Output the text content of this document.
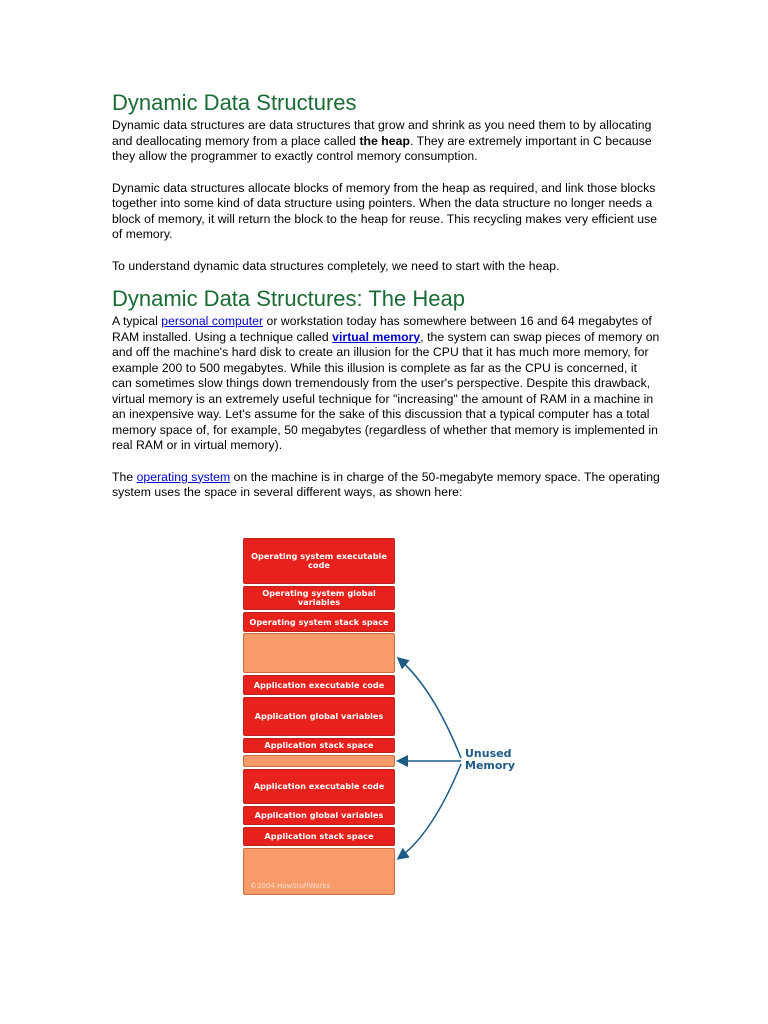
Dynamic Data Structures

Dynamic data structures are data structures that grow and shrink as you need them to by allocating and deallocating memory from a place called the heap. They are extremely important in C because they allow the programmer to exactly control memory consumption.

Dynamic data structures allocate blocks of memory from the heap as required, and link those blocks together into some kind of data structure using pointers. When the data structure no longer needs a block of memory, it will return the block to the heap for reuse. This recycling makes very efficient use of memory.

To understand dynamic data structures completely, we need to start with the heap.

Dynamic Data Structures: The Heap

A typical personal computer or workstation today has somewhere between 16 and 64 megabytes of RAM installed. Using a technique called virtual memory, the system can swap pieces of memory on and off the machine's hard disk to create an illusion for the CPU that it has much more memory, for example 200 to 500 megabytes. While this illusion is complete as far as the CPU is concerned, it can sometimes slow things down tremendously from the user's perspective. Despite this drawback, virtual memory is an extremely useful technique for "increasing" the amount of RAM in a machine in an inexpensive way. Let's assume for the sake of this discussion that a typical computer has a total memory space of, for example, 50 megabytes (regardless of whether that memory is implemented in real RAM or in virtual memory).

The operating system on the machine is in charge of the 50-megabyte memory space. The operating system uses the space in several different ways, as shown here:

Operating system executable code
Operating system global variables
Operating system stack space
Application executable code
Application global variables
Application stack space
Application executable code
Application global variables
Application stack space
©2004 HowStuffWorks
Unused
Memory
